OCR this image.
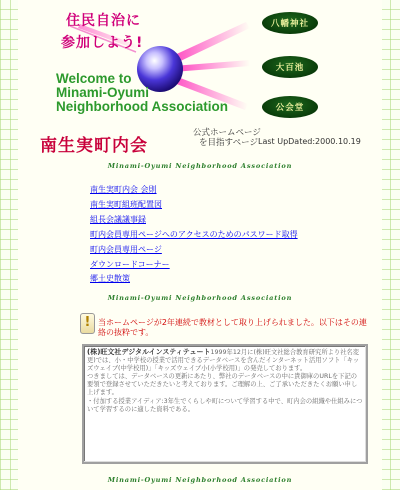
住民自治に
参加しよう!
Welcome to
Minami-Oyumi
Neighborhood Association
八幡神社
大百池
公会堂
南生実町内会
公式ホームページ
を目指すページ Last UpDated:2000.10.19
Minami-Oyumi Neighborhood Association
南生実町内会 会則
南生実町組班配置図
組長会議議事録
町内会員専用ページへのアクセスのためのパスワード取得
町内会員専用ページ
ダウンロードコーナー
郷土史散策
Minami-Oyumi Neighborhood Association
! 当ホームページが2年連続で教材として取り上げられました。以下はその連絡の抜粋です。

(株)旺文社デジタルインスティテュート1999年12月に(株)旺文社総合教育研究所より社名変更)では、小・中学校の授業で活用できるデータベースを含んだインターネット活用ソフト「キッズウェイブ(中学校用)」「キッズウェイブ小(小学校用)」の発売しております。

つきましては、データベースの更新にあたり、弊社のデータベースの中に貴御庫のURLを下記の要領で登録させていただきたいと考えております。ご理解の上、ご了承いただきたくお願い申し上げます。

・付加する授業アイディア:3年生でくらしや町について学習する中で、町内会の組織や仕組みについて学習するのに適した資料である。

Minami-Oyumi Neighborhood Association
